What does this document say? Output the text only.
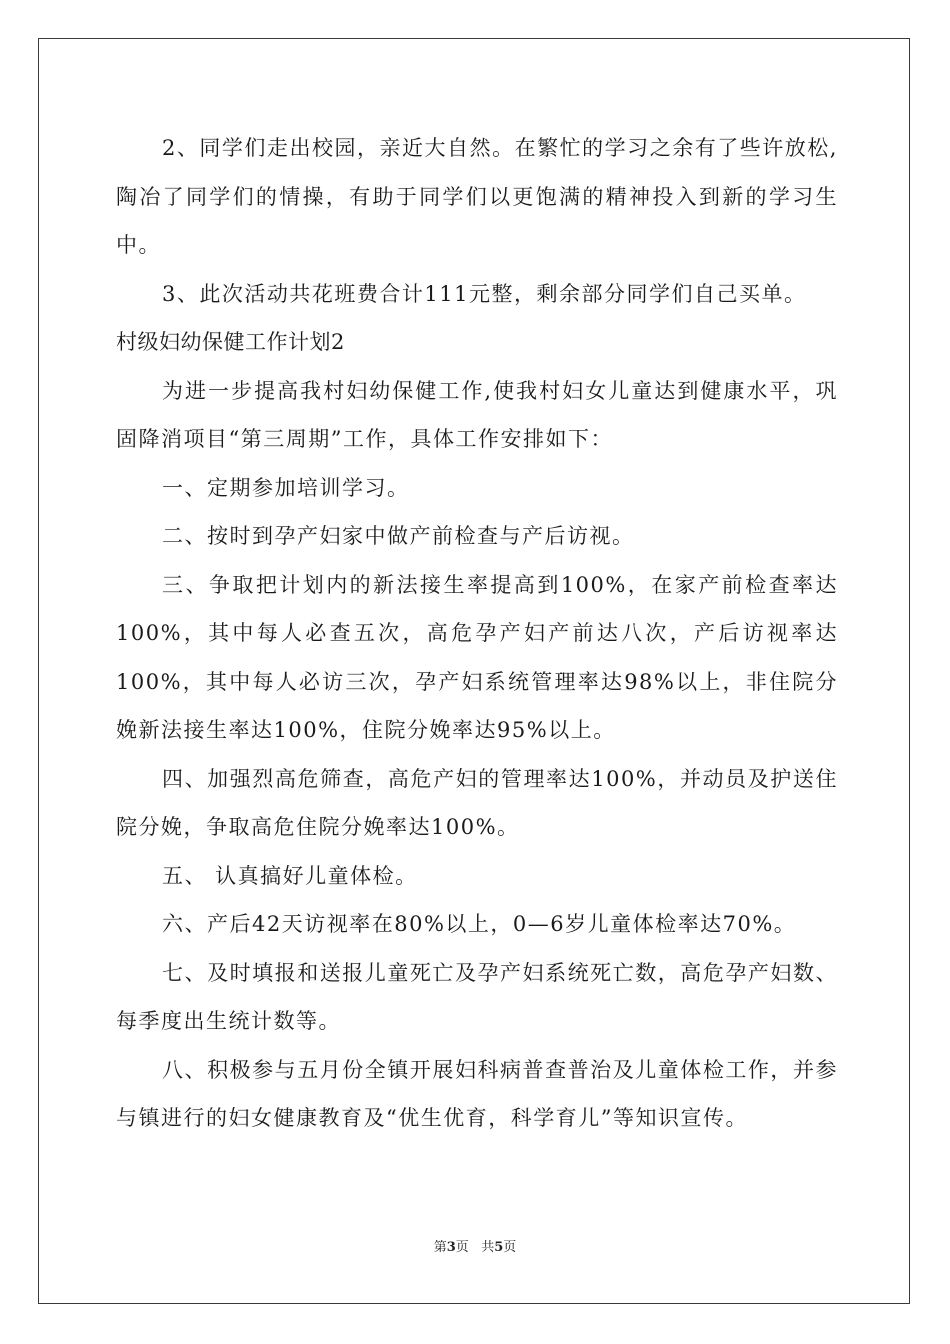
2、同学们走出校园，亲近大自然。在繁忙的学习之余有了些许放松,陶冶了同学们的情操，有助于同学们以更饱满的精神投入到新的学习生中。

3、此次活动共花班费合计111元整，剩余部分同学们自己买单。

村级妇幼保健工作计划2

为进一步提高我村妇幼保健工作,使我村妇女儿童达到健康水平，巩固降消项目“第三周期”工作，具体工作安排如下：

一、定期参加培训学习。

二、按时到孕产妇家中做产前检查与产后访视。

三、争取把计划内的新法接生率提高到100%，在家产前检查率达100%，其中每人必查五次，高危孕产妇产前达八次，产后访视率达100%，其中每人必访三次，孕产妇系统管理率达98%以上，非住院分娩新法接生率达100%，住院分娩率达95%以上。

四、加强烈高危筛查，高危产妇的管理率达100%，并动员及护送住院分娩，争取高危住院分娩率达100%。

五、 认真搞好儿童体检。

六、产后42天访视率在80%以上，0—6岁儿童体检率达70%。

七、及时填报和送报儿童死亡及孕产妇系统死亡数，高危孕产妇数、每季度出生统计数等。

八、积极参与五月份全镇开展妇科病普查普治及儿童体检工作，并参与镇进行的妇女健康教育及“优生优育，科学育儿”等知识宣传。

第3页 共5页
